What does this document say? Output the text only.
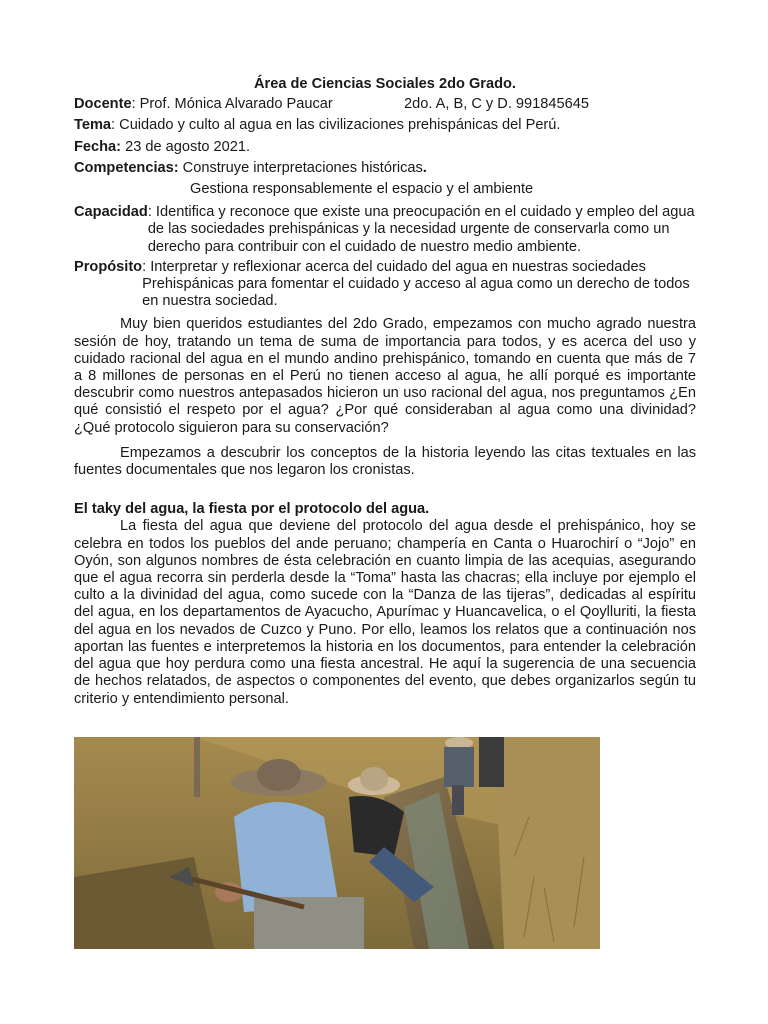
Área de Ciencias Sociales 2do Grado.
Docente: Prof. Mónica Alvarado Paucar	2do. A, B, C y D. 991845645
Tema: Cuidado y culto al agua en las civilizaciones prehispánicas del Perú.
Fecha: 23 de agosto 2021.
Competencias: Construye interpretaciones históricas.
Gestiona responsablemente el espacio y el ambiente
Capacidad : Identifica y reconoce que existe una preocupación en el cuidado y empleo del agua de las sociedades prehispánicas y la necesidad urgente de conservarla como un derecho para contribuir con el cuidado de nuestro medio ambiente.
Propósito : Interpretar y reflexionar acerca del cuidado del agua en nuestras sociedades Prehispánicas para fomentar el cuidado y acceso al agua como un derecho de todos en nuestra sociedad.

Muy bien queridos estudiantes del 2do Grado, empezamos con mucho agrado nuestra sesión de hoy, tratando un tema de suma de importancia para todos, y es acerca del uso y cuidado racional del agua en el mundo andino prehispánico, tomando en cuenta que más de 7 a 8 millones de personas en el Perú no tienen acceso al agua, he allí porqué es importante descubrir como nuestros antepasados hicieron un uso racional del agua, nos preguntamos ¿En qué consistió el respeto por el agua? ¿Por qué consideraban al agua como una divinidad? ¿Qué protocolo siguieron para su conservación?

Empezamos a descubrir los conceptos de la historia leyendo las citas textuales en las fuentes documentales que nos legaron los cronistas.

El taky del agua, la fiesta por el protocolo del agua.

La fiesta del agua que deviene del protocolo del agua desde el prehispánico, hoy se celebra en todos los pueblos del ande peruano; champería en Canta o Huarochirí o “Jojo” en Oyón, son algunos nombres de ésta celebración en cuanto limpia de las acequias, asegurando que el agua recorra sin perderla desde la “Toma” hasta las chacras; ella incluye por ejemplo el culto a la divinidad del agua, como sucede con la “Danza de las tijeras”, dedicadas al espíritu del agua, en los departamentos de Ayacucho, Apurímac y Huancavelica, o el Qoylluriti, la fiesta del agua en los nevados de Cuzco y Puno. Por ello, leamos los relatos que a continuación nos aportan las fuentes e interpretemos la historia en los documentos, para entender la celebración del agua que hoy perdura como una fiesta ancestral. He aquí la sugerencia de una secuencia de hechos relatados, de aspectos o componentes del evento, que debes organizarlos según tu criterio y entendimiento personal.
